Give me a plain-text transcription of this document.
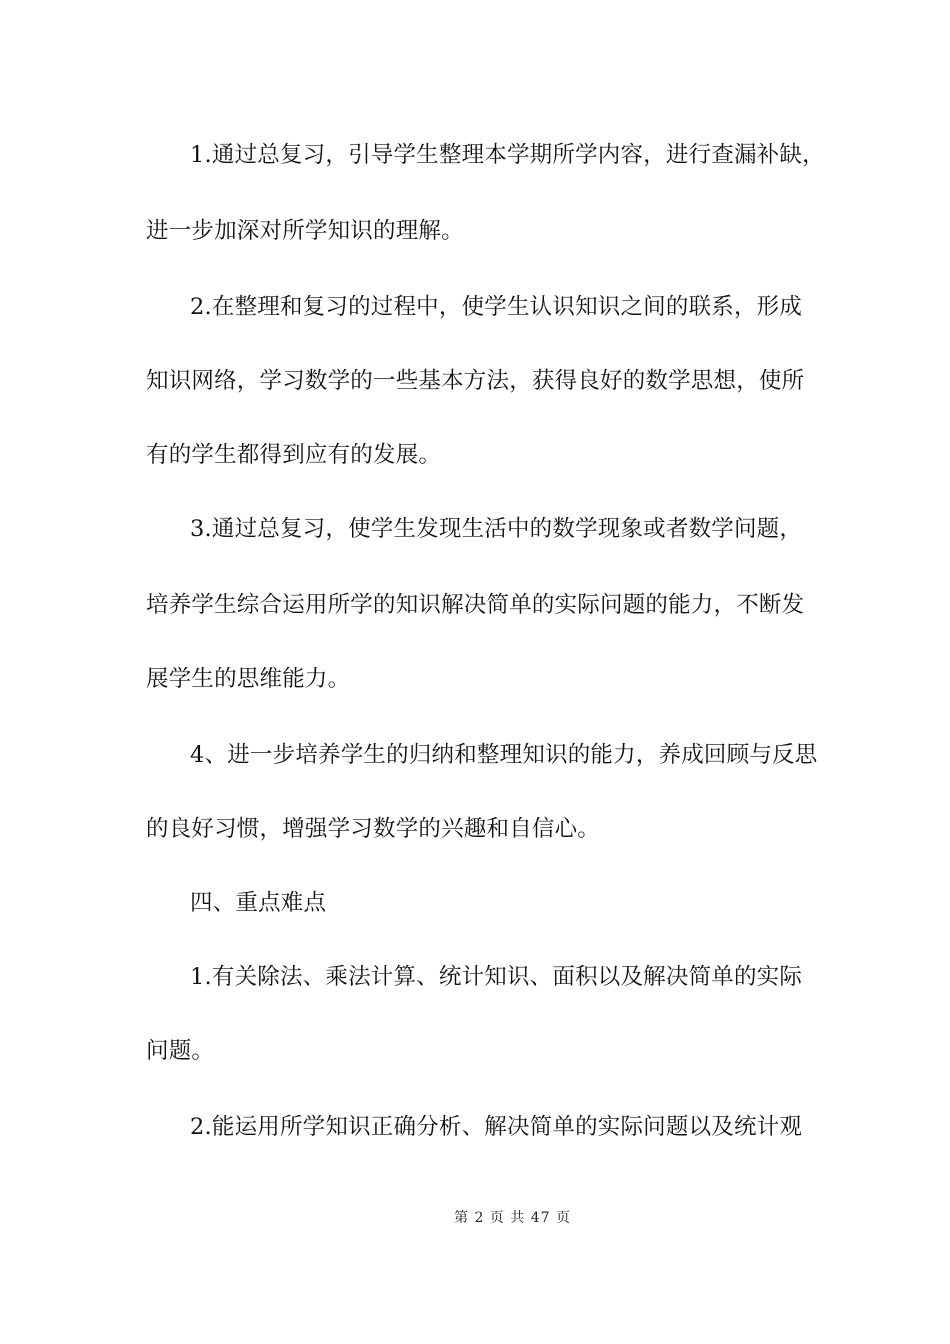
1.通过总复习，引导学生整理本学期所学内容，进行查漏补缺，
进一步加深对所学知识的理解。
2.在整理和复习的过程中，使学生认识知识之间的联系，形成
知识网络，学习数学的一些基本方法，获得良好的数学思想，使所
有的学生都得到应有的发展。
3.通过总复习，使学生发现生活中的数学现象或者数学问题，
培养学生综合运用所学的知识解决简单的实际问题的能力，不断发
展学生的思维能力。
4、进一步培养学生的归纳和整理知识的能力，养成回顾与反思
的良好习惯，增强学习数学的兴趣和自信心。
四、重点难点
1.有关除法、乘法计算、统计知识、面积以及解决简单的实际
问题。
2.能运用所学知识正确分析、解决简单的实际问题以及统计观
第 2 页 共 47 页
